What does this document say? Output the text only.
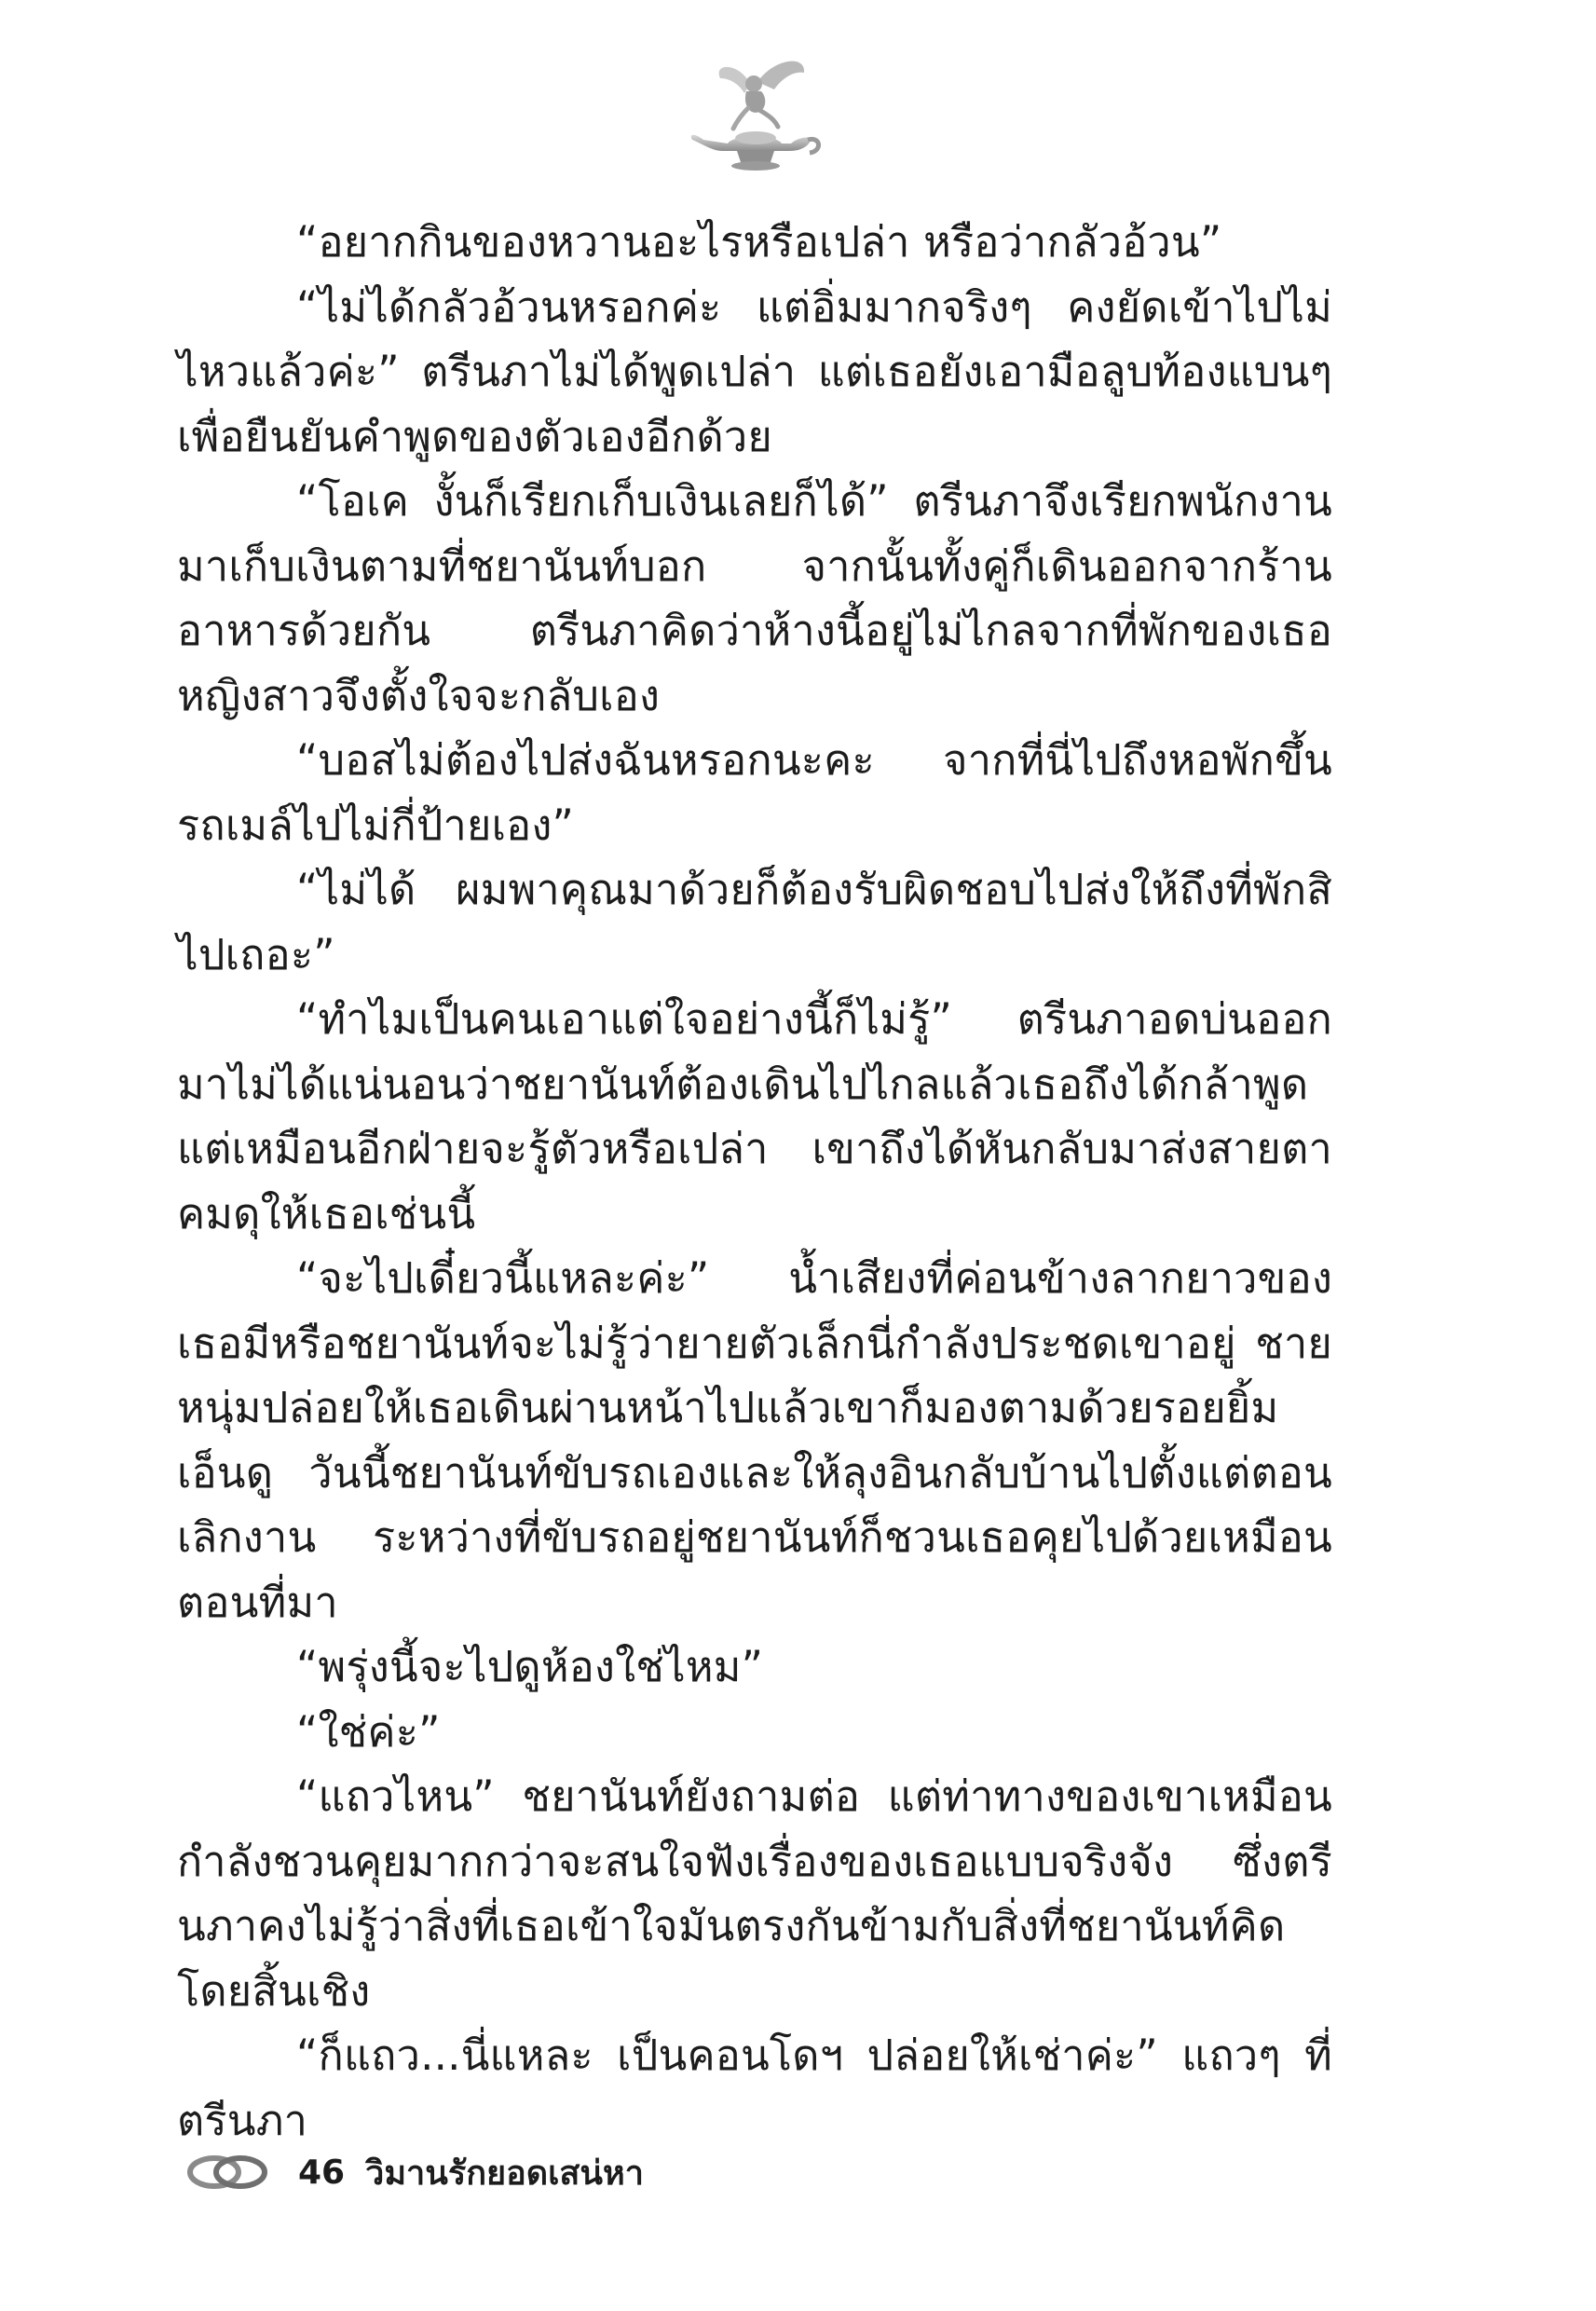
“อยากกินของหวานอะไรหรือเปล่า หรือว่ากลัวอ้วน”

“ไม่ได้กลัวอ้วนหรอกค่ะ แต่อิ่มมากจริงๆ คงยัดเข้าไปไม่ไหวแล้วค่ะ” ตรีนภาไม่ได้พูดเปล่า แต่เธอยังเอามือลูบท้องแบนๆ เพื่อยืนยันคำพูดของตัวเองอีกด้วย

“โอเค งั้นก็เรียกเก็บเงินเลยก็ได้” ตรีนภาจึงเรียกพนักงานมาเก็บเงินตามที่ชยานันท์บอก จากนั้นทั้งคู่ก็เดินออกจากร้านอาหารด้วยกัน ตรีนภาคิดว่าห้างนี้อยู่ไม่ไกลจากที่พักของเธอ หญิงสาวจึงตั้งใจจะกลับเอง

“บอสไม่ต้องไปส่งฉันหรอกนะคะ จากที่นี่ไปถึงหอพักขึ้นรถเมล์ไปไม่กี่ป้ายเอง”

“ไม่ได้ ผมพาคุณมาด้วยก็ต้องรับผิดชอบไปส่งให้ถึงที่พักสิไปเถอะ”

“ทำไมเป็นคนเอาแต่ใจอย่างนี้ก็ไม่รู้” ตรีนภาอดบ่นออกมาไม่ได้แน่นอนว่าชยานันท์ต้องเดินไปไกลแล้วเธอถึงได้กล้าพูด แต่เหมือนอีกฝ่ายจะรู้ตัวหรือเปล่า เขาถึงได้หันกลับมาส่งสายตาคมดุให้เธอเช่นนี้

“จะไปเดี๋ยวนี้แหละค่ะ” น้ำเสียงที่ค่อนข้างลากยาวของเธอมีหรือชยานันท์จะไม่รู้ว่ายายตัวเล็กนี่กำลังประชดเขาอยู่ ชายหนุ่มปล่อยให้เธอเดินผ่านหน้าไปแล้วเขาก็มองตามด้วยรอยยิ้มเอ็นดู วันนี้ชยานันท์ขับรถเองและให้ลุงอินกลับบ้านไปตั้งแต่ตอนเลิกงาน ระหว่างที่ขับรถอยู่ชยานันท์ก็ชวนเธอคุยไปด้วยเหมือนตอนที่มา

“พรุ่งนี้จะไปดูห้องใช่ไหม”

“ใช่ค่ะ”

“แถวไหน” ชยานันท์ยังถามต่อ แต่ท่าทางของเขาเหมือนกำลังชวนคุยมากกว่าจะสนใจฟังเรื่องของเธอแบบจริงจัง ซึ่งตรีนภาคงไม่รู้ว่าสิ่งที่เธอเข้าใจมันตรงกันข้ามกับสิ่งที่ชยานันท์คิดโดยสิ้นเชิง

“ก็แถว...นี่แหละ เป็นคอนโดฯ ปล่อยให้เช่าค่ะ” แถวๆ ที่ตรีนภา

46 วิมานรักยอดเสน่หา
